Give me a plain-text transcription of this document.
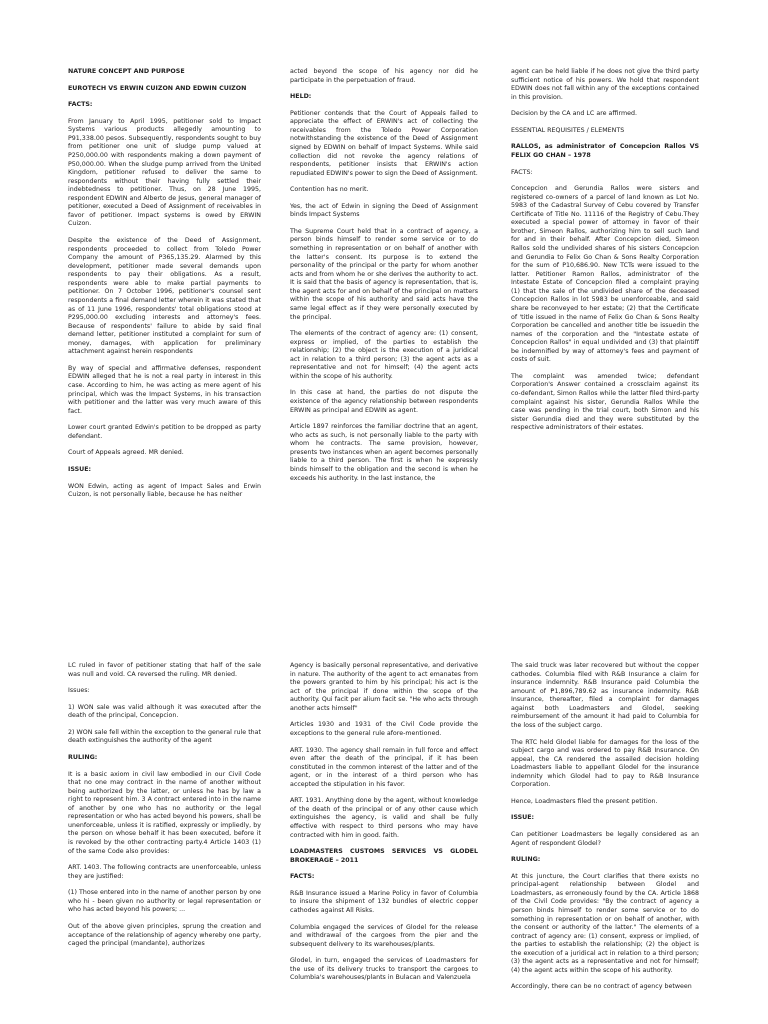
NATURE CONCEPT AND PURPOSE

EUROTECH VS ERWIN CUIZON AND EDWIN CUIZON

FACTS:

From January to April 1995, petitioner sold to Impact Systems various products allegedly amounting to P91,338.00 pesos. Subsequently, respondents sought to buy from petitioner one unit of sludge pump valued at P250,000.00 with respondents making a down payment of P50,000.00. When the sludge pump arrived from the United Kingdom, petitioner refused to deliver the same to respondents without their having fully settled their indebtedness to petitioner. Thus, on 28 June 1995, respondent EDWIN and Alberto de Jesus, general manager of petitioner, executed a Deed of Assignment of receivables in favor of petitioner. Impact systems is owed by ERWIN Cuizon.

Despite the existence of the Deed of Assignment, respondents proceeded to collect from Toledo Power Company the amount of P365,135.29. Alarmed by this development, petitioner made several demands upon respondents to pay their obligations. As a result, respondents were able to make partial payments to petitioner. On 7 October 1996, petitioner's counsel sent respondents a final demand letter wherein it was stated that as of 11 June 1996, respondents' total obligations stood at P295,000.00 excluding interests and attorney's fees. Because of respondents' failure to abide by said final demand letter, petitioner instituted a complaint for sum of money, damages, with application for preliminary attachment against herein respondents

By way of special and affirmative defenses, respondent EDWIN alleged that he is not a real party in interest in this case. According to him, he was acting as mere agent of his principal, which was the Impact Systems, in his transaction with petitioner and the latter was very much aware of this fact.

Lower court granted Edwin's petition to be dropped as party defendant.

Court of Appeals agreed. MR denied.

ISSUE:

WON Edwin, acting as agent of Impact Sales and Erwin Cuizon, is not personally liable, because he has neither

acted beyond the scope of his agency nor did he participate in the perpetuation of fraud.

HELD:

Petitioner contends that the Court of Appeals failed to appreciate the effect of ERWIN's act of collecting the receivables from the Toledo Power Corporation notwithstanding the existence of the Deed of Assignment signed by EDWIN on behalf of Impact Systems. While said collection did not revoke the agency relations of respondents, petitioner insists that ERWIN's action repudiated EDWIN's power to sign the Deed of Assignment.

Contention has no merit.

Yes, the act of Edwin in signing the Deed of Assignment binds Impact Systems

The Supreme Court held that in a contract of agency, a person binds himself to render some service or to do something in representation or on behalf of another with the latter's consent. Its purpose is to extend the personality of the principal or the party for whom another acts and from whom he or she derives the authority to act. It is said that the basis of agency is representation, that is, the agent acts for and on behalf of the principal on matters within the scope of his authority and said acts have the same legal effect as if they were personally executed by the principal.

The elements of the contract of agency are: (1) consent, express or implied, of the parties to establish the relationship; (2) the object is the execution of a juridical act in relation to a third person; (3) the agent acts as a representative and not for himself; (4) the agent acts within the scope of his authority.

In this case at hand, the parties do not dispute the existence of the agency relationship between respondents ERWIN as principal and EDWIN as agent.

Article 1897 reinforces the familiar doctrine that an agent, who acts as such, is not personally liable to the party with whom he contracts. The same provision, however, presents two instances when an agent becomes personally liable to a third person. The first is when he expressly binds himself to the obligation and the second is when he exceeds his authority. In the last instance, the

agent can be held liable if he does not give the third party sufficient notice of his powers. We hold that respondent EDWIN does not fall within any of the exceptions contained in this provision.

Decision by the CA and LC are affirmed.

ESSENTIAL REQUISITES / ELEMENTS

RALLOS, as administrator of Concepcion Rallos VS FELIX GO CHAN – 1978

FACTS:

Concepcion and Gerundia Rallos were sisters and registered co-owners of a parcel of land known as Lot No. 5983 of the Cadastral Survey of Cebu covered by Transfer Certificate of Title No. 11116 of the Registry of Cebu.They executed a special power of attorney in favor of their brother, Simeon Rallos, authorizing him to sell such land for and in their behalf. After Concepcion died, Simeon Rallos sold the undivided shares of his sisters Concepcion and Gerundia to Felix Go Chan & Sons Realty Corporation for the sum of P10,686.90. New TCTs were issued to the latter. Petitioner Ramon Rallos, administrator of the Intestate Estate of Concepcion filed a complaint praying (1) that the sale of the undivided share of the deceased Concepcion Rallos in lot 5983 be unenforceable, and said share be reconveyed to her estate; (2) that the Certificate of 'title issued in the name of Felix Go Chan & Sons Realty Corporation be cancelled and another title be issuedin the names of the corporation and the "Intestate estate of Concepcion Rallos" in equal undivided and (3) that plaintiff be indemnified by way of attorney's fees and payment of costs of suit.

The complaint was amended twice; defendant Corporation's Answer contained a crossclaim against its co-defendant, Simon Rallos while the latter filed third-party complaint against his sister, Gerundia Rallos While the case was pending in the trial court, both Simon and his sister Gerundia died and they were substituted by the respective administrators of their estates.

LC ruled in favor of petitioner stating that half of the sale was null and void. CA reversed the ruling. MR denied.

Issues:

1) WON sale was valid although it was executed after the death of the principal, Concepcion.

2) WON sale fell within the exception to the general rule that death extinguishes the authority of the agent

RULING:

It is a basic axiom in civil law embodied in our Civil Code that no one may contract in the name of another without being authorized by the latter, or unless he has by law a right to represent him. 3 A contract entered into in the name of another by one who has no authority or the legal representation or who has acted beyond his powers, shall be unenforceable, unless it is ratified, expressly or impliedly, by the person on whose behalf it has been executed, before it is revoked by the other contracting party.4 Article 1403 (1) of the same Code also provides:

ART. 1403. The following contracts are unenforceable, unless they are justified:

(1) Those entered into in the name of another person by one who hi - been given no authority or legal representation or who has acted beyond his powers; ...

Out of the above given principles, sprung the creation and acceptance of the relationship of agency whereby one party, caged the principal (mandante), authorizes

Agency is basically personal representative, and derivative in nature. The authority of the agent to act emanates from the powers granted to him by his principal; his act is the act of the principal if done within the scope of the authority. Qui facit per alium facit se. "He who acts through another acts himself"

Articles 1930 and 1931 of the Civil Code provide the exceptions to the general rule afore-mentioned.

ART. 1930. The agency shall remain in full force and effect even after the death of the principal, if it has been constituted in the common interest of the latter and of the agent, or in the interest of a third person who has accepted the stipulation in his favor.

ART. 1931. Anything done by the agent, without knowledge of the death of the principal or of any other cause which extinguishes the agency, is valid and shall be fully effective with respect to third persons who may have contracted with him in good. faith.

LOADMASTERS CUSTOMS SERVICES VS GLODEL BROKERAGE – 2011

FACTS:

R&B Insurance issued a Marine Policy in favor of Columbia to insure the shipment of 132 bundles of electric copper cathodes against All Risks.

Columbia engaged the services of Glodel for the release and withdrawal of the cargoes from the pier and the subsequent delivery to its warehouses/plants.

Glodel, in turn, engaged the services of Loadmasters for the use of its delivery trucks to transport the cargoes to Columbia's warehouses/plants in Bulacan and Valenzuela

The said truck was later recovered but without the copper cathodes. Columbia filed with R&B Insurance a claim for insurance indemnity. R&B Insurance paid Columbia the amount of ₱1,896,789.62 as insurance indemnity. R&B Insurance, thereafter, filed a complaint for damages against both Loadmasters and Glodel, seeking reimbursement of the amount it had paid to Columbia for the loss of the subject cargo.

The RTC held Glodel liable for damages for the loss of the subject cargo and was ordered to pay R&B Insurance. On appeal, the CA rendered the assailed decision holding Loadmasters liable to appellant Glodel for the insurance indemnity which Glodel had to pay to R&B Insurance Corporation.

Hence, Loadmasters filed the present petition.

ISSUE:

Can petitioner Loadmasters be legally considered as an Agent of respondent Glodel?

RULING:

At this juncture, the Court clarifies that there exists no principal-agent relationship between Glodel and Loadmasters, as erroneously found by the CA. Article 1868 of the Civil Code provides: "By the contract of agency a person binds himself to render some service or to do something in representation or on behalf of another, with the consent or authority of the latter." The elements of a contract of agency are: (1) consent, express or implied, of the parties to establish the relationship; (2) the object is the execution of a juridical act in relation to a third person; (3) the agent acts as a representative and not for himself; (4) the agent acts within the scope of his authority.

Accordingly, there can be no contract of agency between
